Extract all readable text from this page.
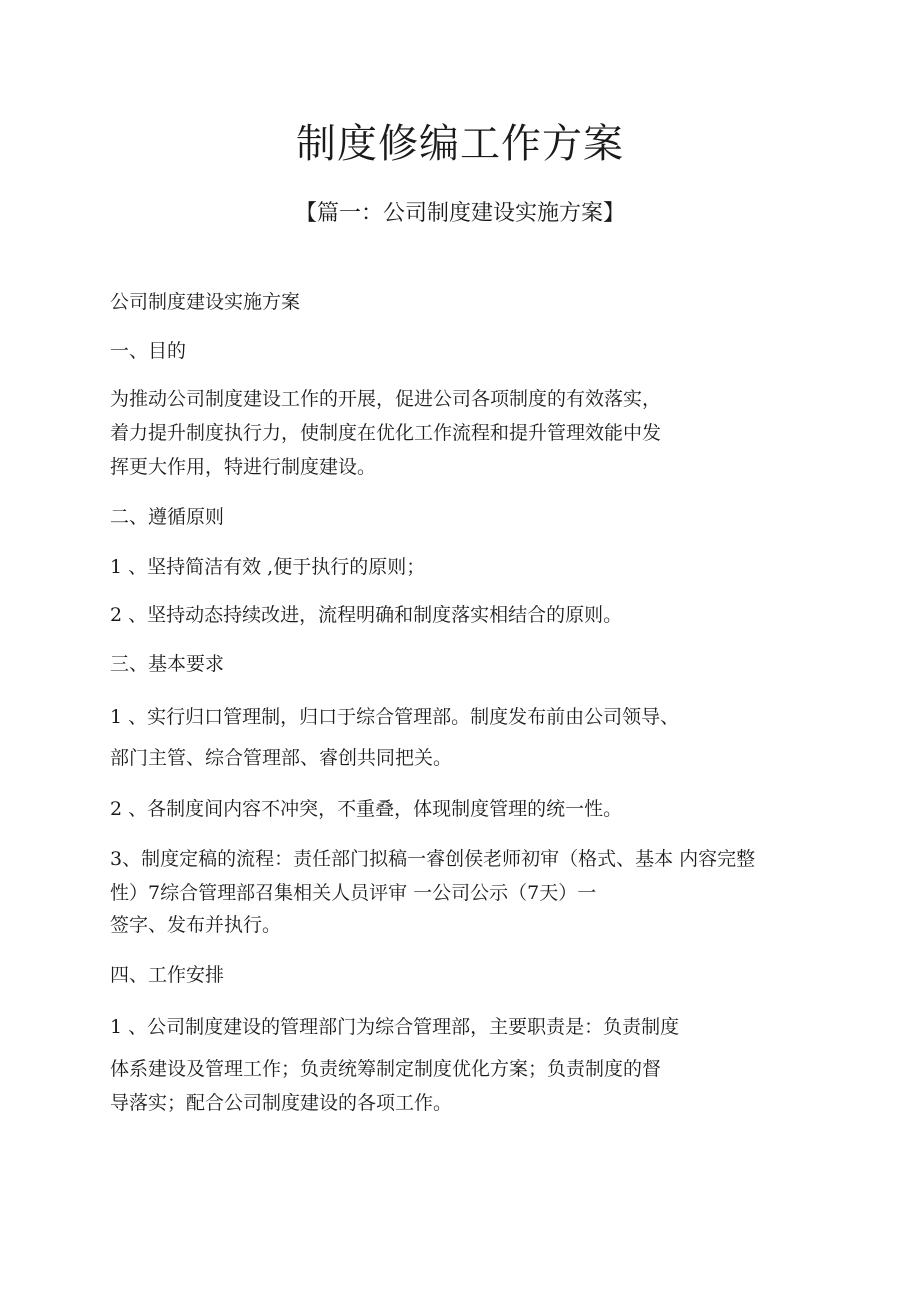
制度修编工作方案
【篇一：公司制度建设实施方案】
公司制度建设实施方案
一、目的
为推动公司制度建设工作的开展，促进公司各项制度的有效落实，
着力提升制度执行力，使制度在优化工作流程和提升管理效能中发
挥更大作用，特进行制度建设。
二、遵循原则
1 、坚持简洁有效 ,便于执行的原则；
2 、坚持动态持续改进，流程明确和制度落实相结合的原则。
三、基本要求
1 、实行归口管理制，归口于综合管理部。制度发布前由公司领导、
部门主管、综合管理部、睿创共同把关。
2 、各制度间内容不冲突，不重叠，体现制度管理的统一性。
3、制度定稿的流程：责任部门拟稿一睿创侯老师初审（格式、基本 内容完整
性）7综合管理部召集相关人员评审 一公司公示（7天）一
签字、发布并执行。
四、工作安排
1 、公司制度建设的管理部门为综合管理部，主要职责是：负责制度
体系建设及管理工作；负责统筹制定制度优化方案；负责制度的督
导落实；配合公司制度建设的各项工作。
